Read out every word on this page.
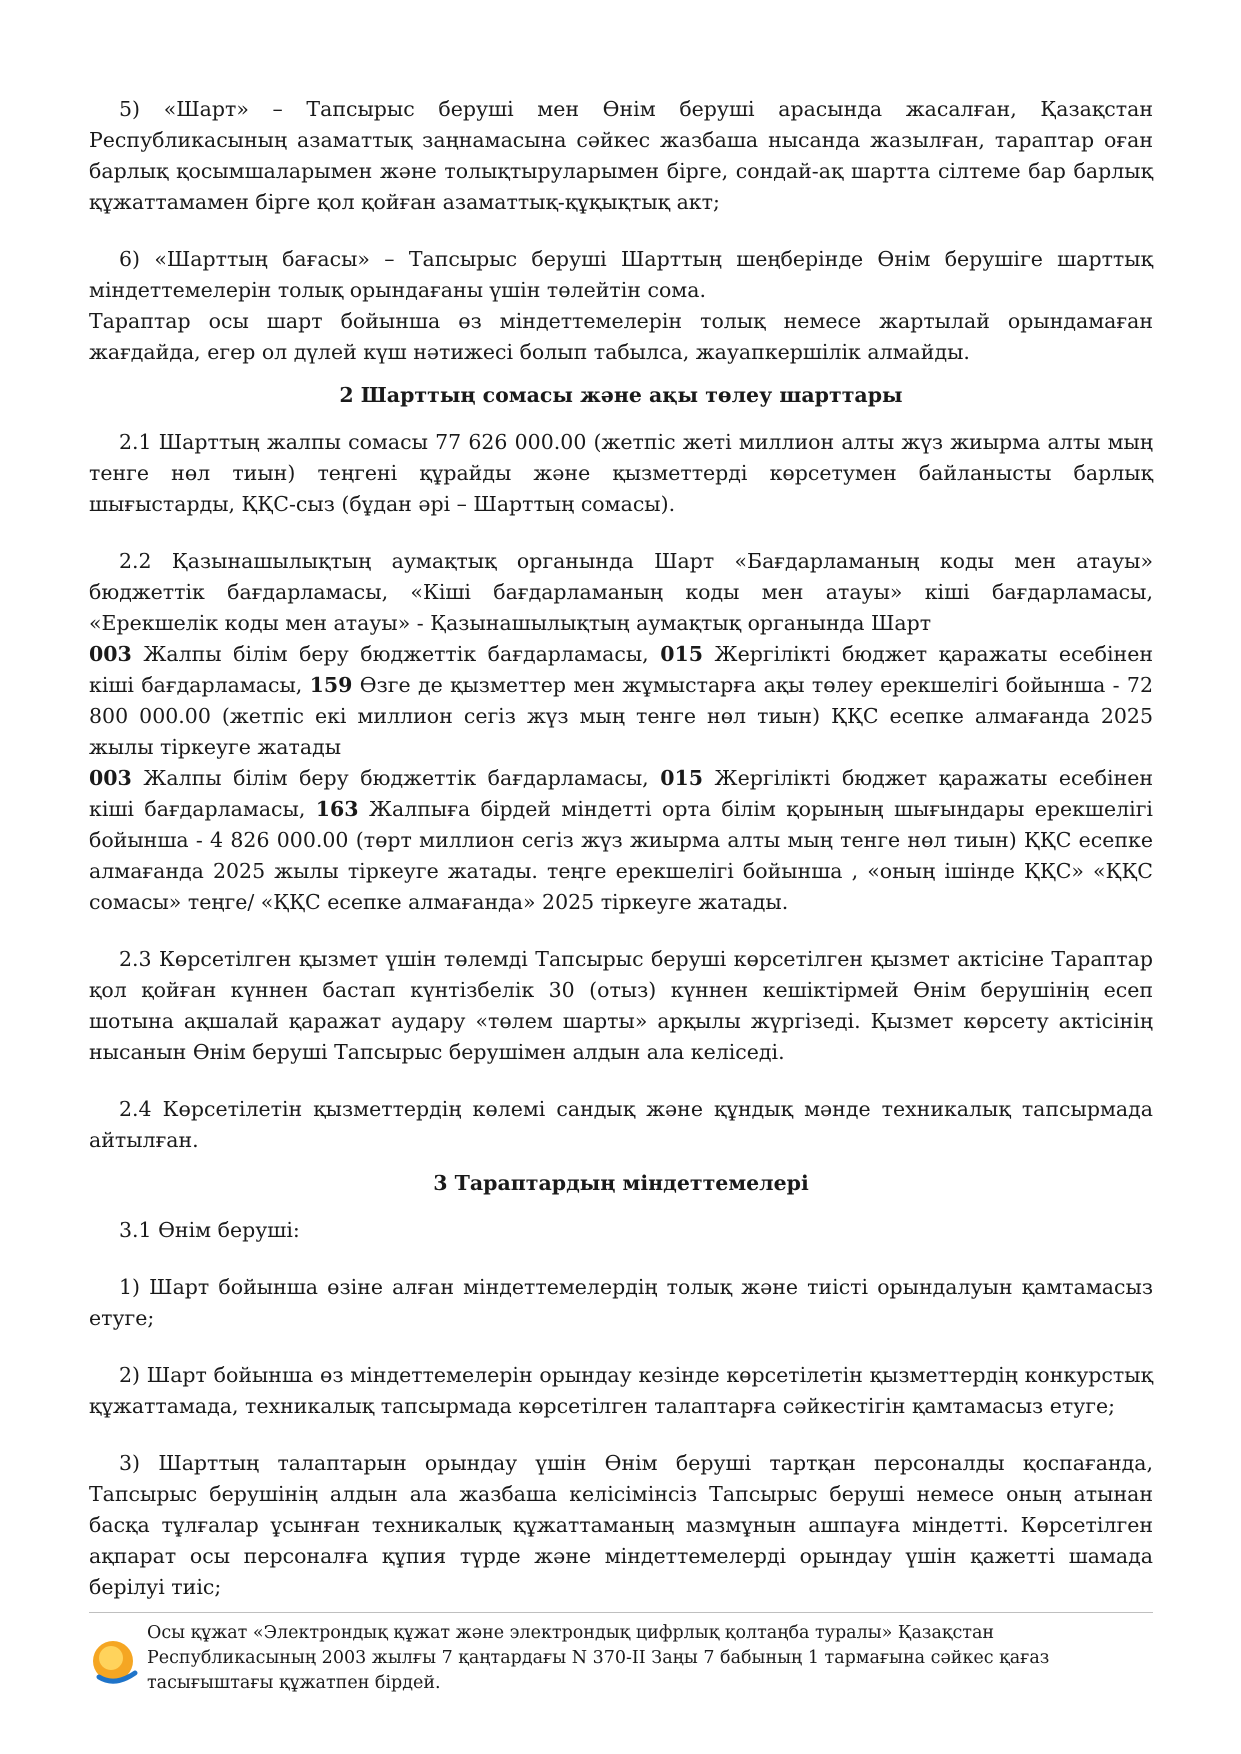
5) «Шарт» – Тапсырыс беруші мен Өнім беруші арасында жасалған, Қазақстан Республикасының азаматтық заңнамасына сәйкес жазбаша нысанда жазылған, тараптар оған барлық қосымшаларымен және толықтыруларымен бірге, сондай-ақ шартта сілтеме бар барлық құжаттамамен бірге қол қойған азаматтық-құқықтық акт;

6) «Шарттың бағасы» – Тапсырыс беруші Шарттың шеңберінде Өнім берушіге шарттық міндеттемелерін толық орындағаны үшін төлейтін сома.

Тараптар осы шарт бойынша өз міндеттемелерін толық немесе жартылай орындамаған жағдайда, егер ол дүлей күш нәтижесі болып табылса, жауапкершілік алмайды.

2 Шарттың сомасы және ақы төлеу шарттары

2.1 Шарттың жалпы сомасы 77 626 000.00 (жетпіс жеті миллион алты жүз жиырма алты мың тенге нөл тиын) теңгені құрайды және қызметтерді көрсетумен байланысты барлық шығыстарды, ҚҚС-сыз (бұдан әрі – Шарттың сомасы).

2.2 Қазынашылықтың аумақтық органында Шарт «Бағдарламаның коды мен атауы» бюджеттік бағдарламасы, «Кіші бағдарламаның коды мен атауы» кіші бағдарламасы, «Ерекшелік коды мен атауы» - Қазынашылықтың аумақтық органында Шарт

003 Жалпы білім беру бюджеттік бағдарламасы, 015 Жергілікті бюджет қаражаты есебінен кіші бағдарламасы, 159 Өзге де қызметтер мен жұмыстарға ақы төлеу ерекшелігі бойынша - 72 800 000.00 (жетпіс екі миллион сегіз жүз мың тенге нөл тиын) ҚҚС есепке алмағанда 2025 жылы тіркеуге жатады

003 Жалпы білім беру бюджеттік бағдарламасы, 015 Жергілікті бюджет қаражаты есебінен кіші бағдарламасы, 163 Жалпыға бірдей міндетті орта білім қорының шығындары ерекшелігі бойынша - 4 826 000.00 (төрт миллион сегіз жүз жиырма алты мың тенге нөл тиын) ҚҚС есепке алмағанда 2025 жылы тіркеуге жатады. теңге ерекшелігі бойынша , «оның ішінде ҚҚС» «ҚҚС сомасы» теңге/ «ҚҚС есепке алмағанда» 2025 тіркеуге жатады.

2.3 Көрсетілген қызмет үшін төлемді Тапсырыс беруші көрсетілген қызмет актісіне Тараптар қол қойған күннен бастап күнтізбелік 30 (отыз) күннен кешіктірмей Өнім берушінің есеп шотына ақшалай қаражат аудару «төлем шарты» арқылы жүргізеді. Қызмет көрсету актісінің нысанын Өнім беруші Тапсырыс берушімен алдын ала келіседі.

2.4 Көрсетілетін қызметтердің көлемі сандық және құндық мәнде техникалық тапсырмада айтылған.

3 Тараптардың міндеттемелері

3.1 Өнім беруші:

1) Шарт бойынша өзіне алған міндеттемелердің толық және тиісті орындалуын қамтамасыз етуге;

2) Шарт бойынша өз міндеттемелерін орындау кезінде көрсетілетін қызметтердің конкурстық құжаттамада, техникалық тапсырмада көрсетілген талаптарға сәйкестігін қамтамасыз етуге;

3) Шарттың талаптарын орындау үшін Өнім беруші тартқан персоналды қоспағанда, Тапсырыс берушінің алдын ала жазбаша келісімінсіз Тапсырыс беруші немесе оның атынан басқа тұлғалар ұсынған техникалық құжаттаманың мазмұнын ашпауға міндетті. Көрсетілген ақпарат осы персоналға құпия түрде және міндеттемелерді орындау үшін қажетті шамада берілуі тиіс;

Осы құжат «Электрондық құжат және электрондық цифрлық қолтаңба туралы» Қазақстан
Республикасының 2003 жылғы 7 қаңтардағы N 370-II Заңы 7 бабының 1 тармағына сәйкес қағаз
тасығыштағы құжатпен бірдей.
